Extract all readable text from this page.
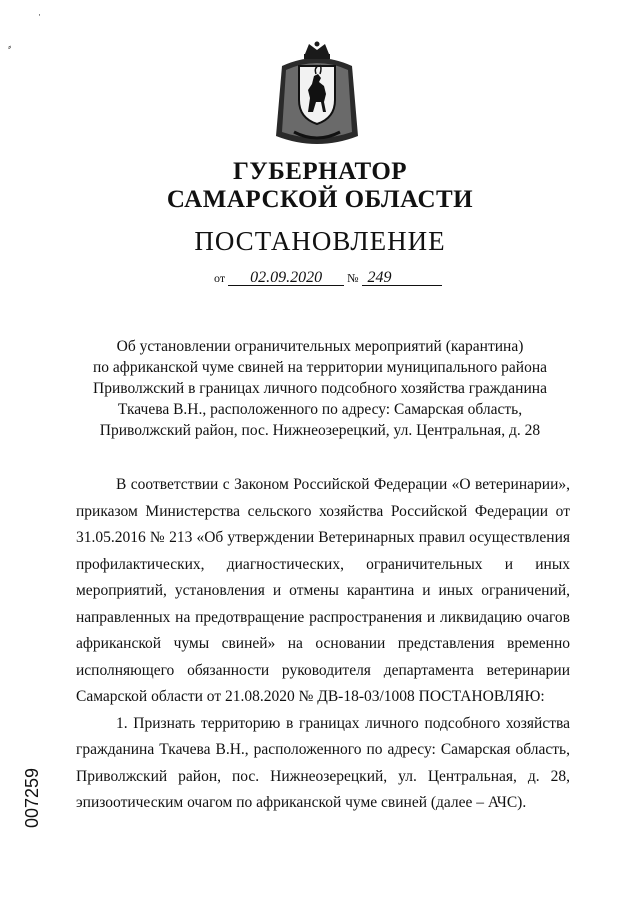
⸗
·
ГУБЕРНАТОР
САМАРСКОЙ ОБЛАСТИ
ПОСТАНОВЛЕНИЕ
от 02.09.2020 № 249
Об установлении ограничительных мероприятий (карантина)
по африканской чуме свиней на территории муниципального района
Приволжский в границах личного подсобного хозяйства гражданина
Ткачева В.Н., расположенного по адресу: Самарская область,
Приволжский район, пос. Нижнеозерецкий, ул. Центральная, д. 28

В соответствии с Законом Российской Федерации «О ветеринарии», приказом Министерства сельского хозяйства Российской Федерации от 31.05.2016 № 213 «Об утверждении Ветеринарных правил осуществления профилактических, диагностических, ограничительных и иных мероприятий, установления и отмены карантина и иных ограничений, направленных на предотвращение распространения и ликвидацию очагов африканской чумы свиней» на основании представления временно исполняющего обязанности руководителя департамента ветеринарии Самарской области от 21.08.2020 № ДВ-18-03/1008 ПОСТАНОВЛЯЮ:

1. Признать территорию в границах личного подсобного хозяйства гражданина Ткачева В.Н., расположенного по адресу: Самарская область, Приволжский район, пос. Нижнеозерецкий, ул. Центральная, д. 28, эпизоотическим очагом по африканской чуме свиней (далее – АЧС).

007259
